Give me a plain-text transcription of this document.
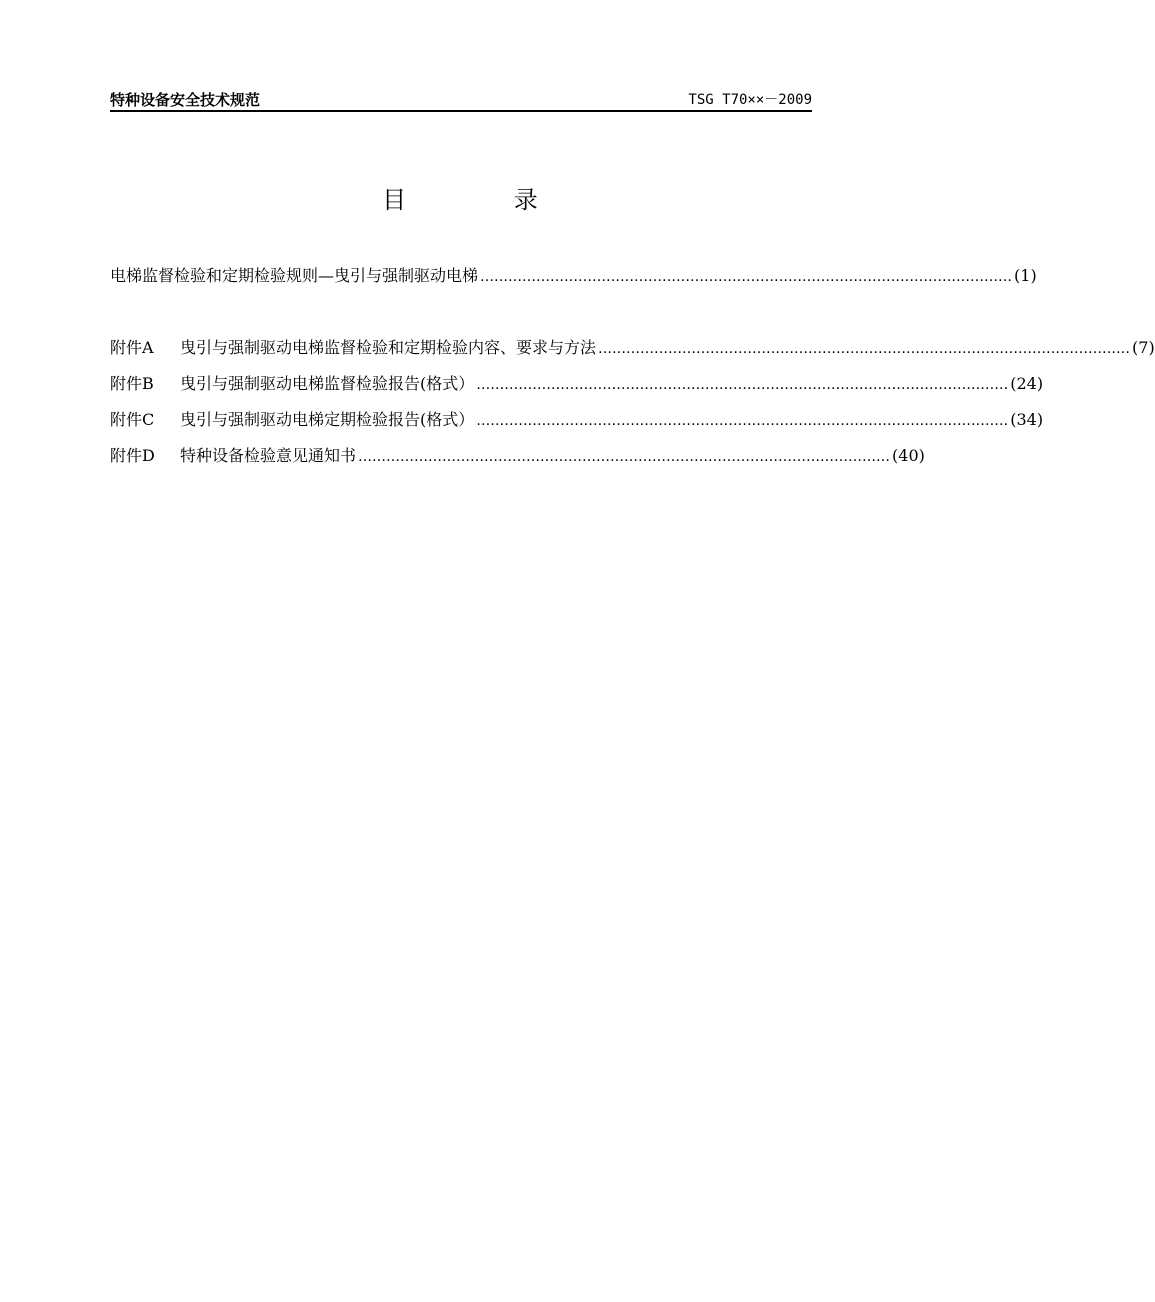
特种设备安全技术规范	TSG T70××－2009
目 录
电梯监督检验和定期检验规则—曳引与强制驱动电梯 …………………………………………………………………………………………………… (1)
附件A	曳引与强制驱动电梯监督检验和定期检验内容、要求与方法 …………………………………………………………………………………………………… (7)
附件B	曳引与强制驱动电梯监督检验报告(格式） …………………………………………………………………………………………………… (24)
附件C	曳引与强制驱动电梯定期检验报告(格式） …………………………………………………………………………………………………… (34)
附件D	特种设备检验意见通知书 …………………………………………………………………………………………………… (40)
